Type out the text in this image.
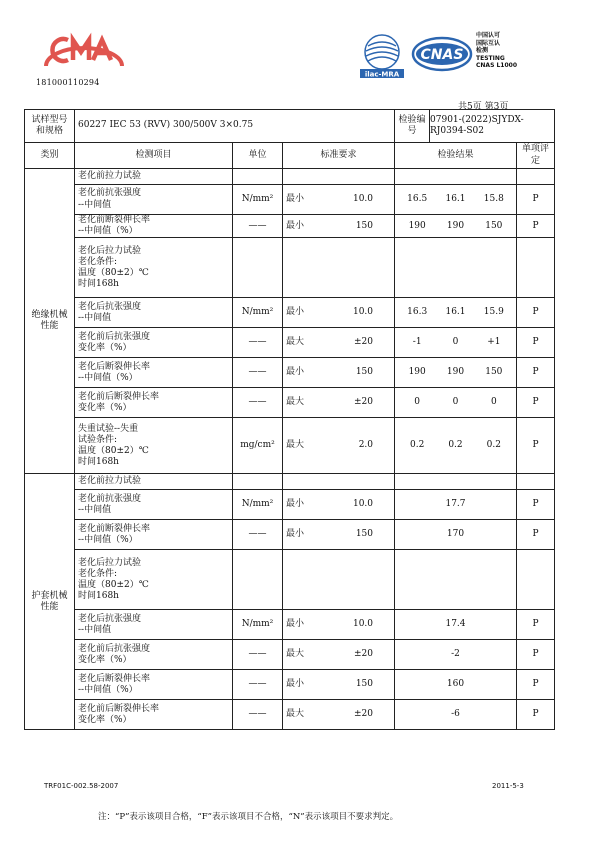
181000110294
ilac-MRA
CNAS
中国认可
国际互认
检测
TESTING
CNAS L1000
共5页 第3页
试样型号和规格	60227 IEC 53 (RVV) 300/500V 3×0.75			检验编号
07901-(2022)SJYDX-RJ0394-S02	

类别	检测项目	单位	标准要求	检验结果	单项评定
绝缘机械性能	老化前拉力试验		

	老化前抗张强度
--中间值	N/mm²	最小 10.0	16.5 16.1 15.8	P
	老化前断裂伸长率
--中间值（%）	——	最小 150	190 190 150	P
	老化后拉力试验
老化条件:
温度（80±2）℃
时间168h		

	老化后抗张强度
--中间值	N/mm²	最小 10.0	16.3 16.1 15.9	P
	老化前后抗张强度
变化率（%）	——	最大 ±20	-1 0 +1	P
	老化后断裂伸长率
--中间值（%）	——	最小 150	190 190 150	P
	老化前后断裂伸长率
变化率（%）	——	最大 ±20	0 0 0	P
	失重试验--失重
试验条件:
温度（80±2）℃
时间168h	mg/cm²	最大 2.0	0.2 0.2 0.2	P
护套机械性能	老化前拉力试验		

	老化前抗张强度
--中间值	N/mm²	最小 10.0	17.7	P
	老化前断裂伸长率
--中间值（%）	——	最小 150	170	P
	老化后拉力试验
老化条件:
温度（80±2）℃
时间168h		

	老化后抗张强度
--中间值	N/mm²	最小 10.0	17.4	P
	老化前后抗张强度
变化率（%）	——	最大 ±20	-2	P
	老化后断裂伸长率
--中间值（%）	——	最小 150	160	P
	老化前后断裂伸长率
变化率（%）	——	最大 ±20	-6	P
TRF01C-002.58-2007	2011-5-3
注：“P”表示该项目合格，“F”表示该项目不合格，“N”表示该项目不要求判定。
